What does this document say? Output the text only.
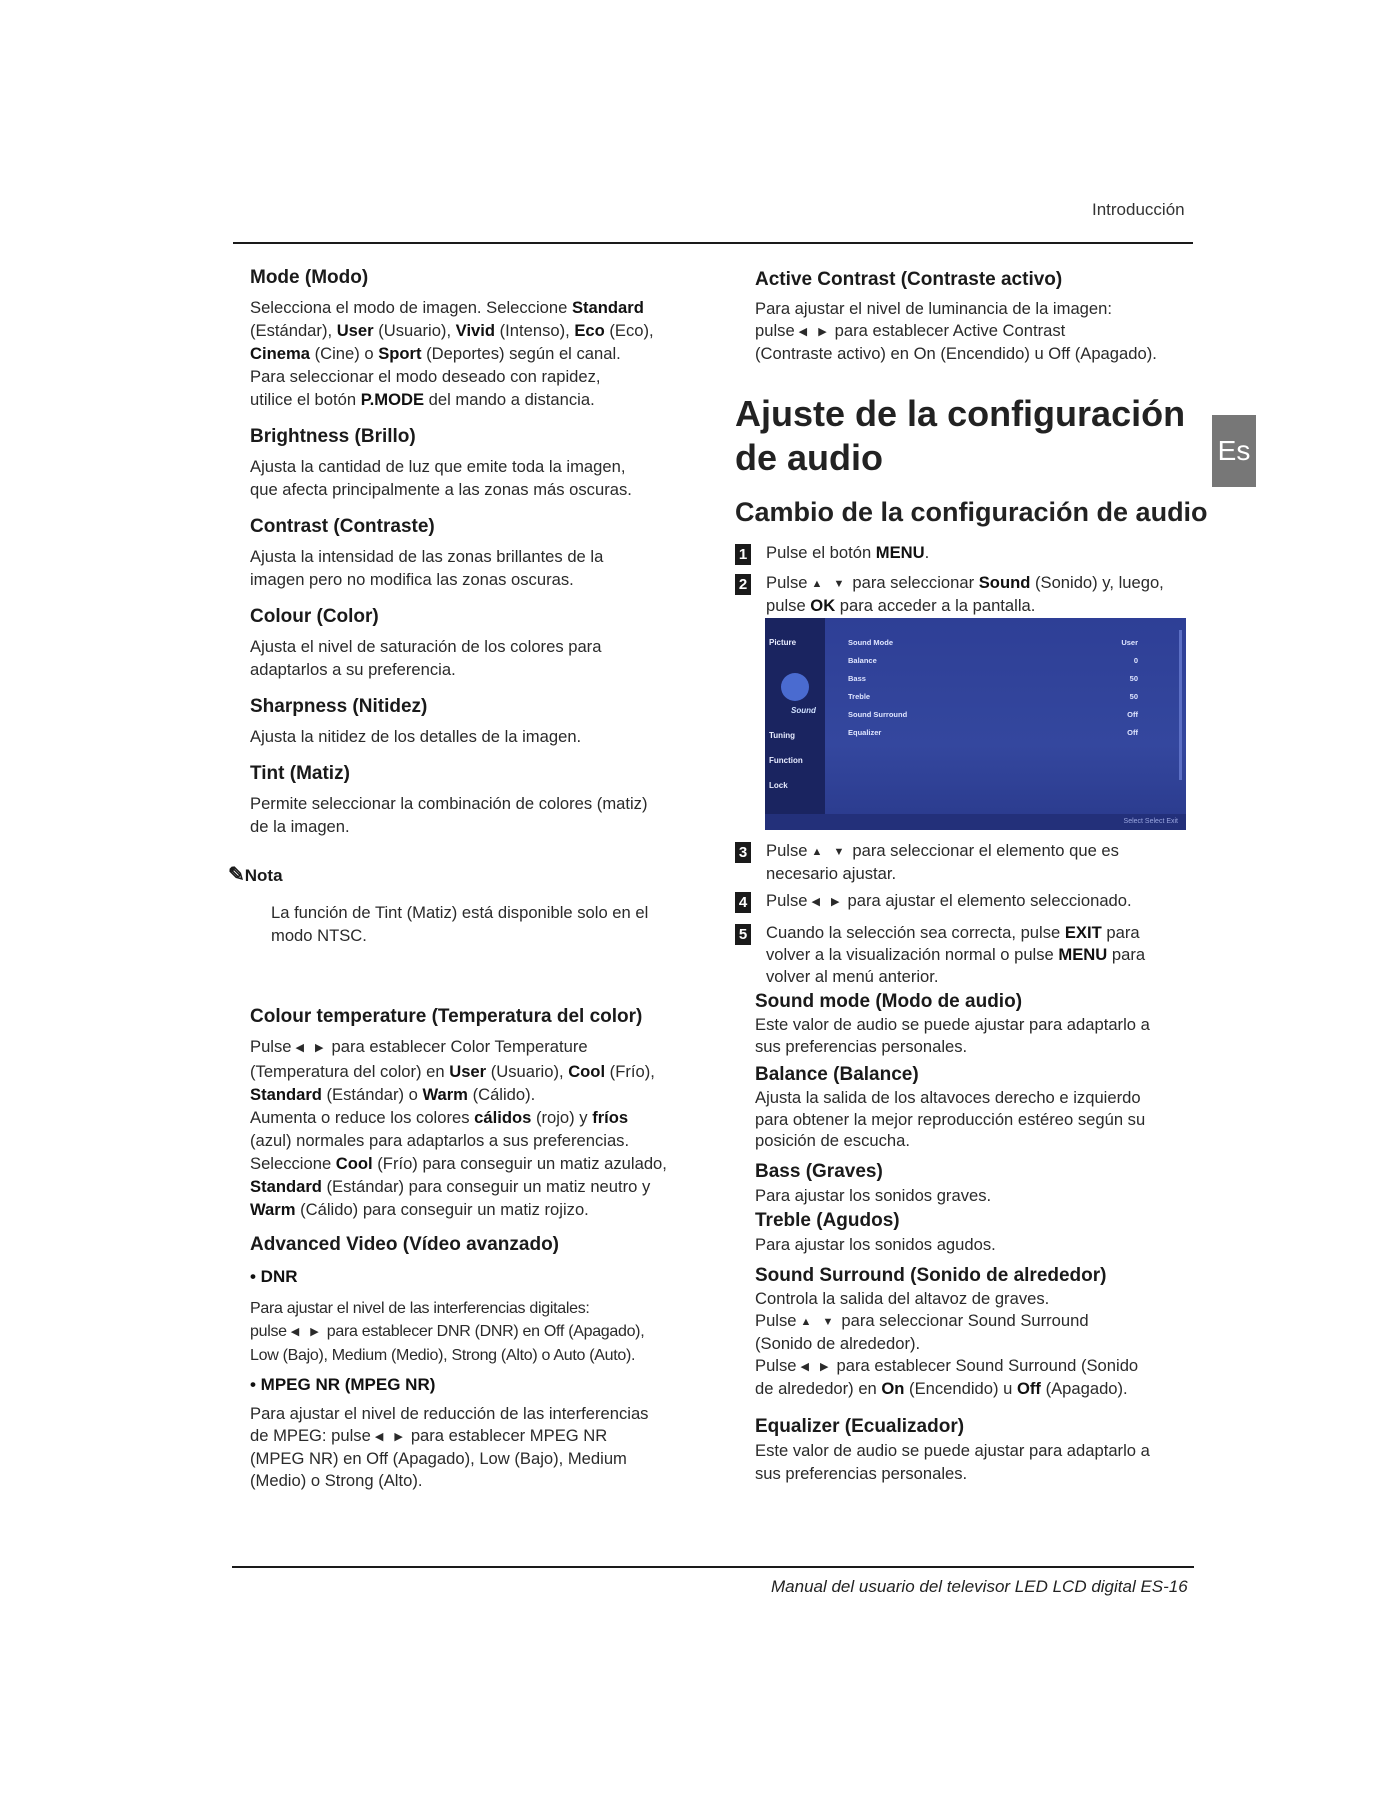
Introducción
Es
Mode (Modo)

Selecciona el modo de imagen. Seleccione Standard
(Estándar), User (Usuario), Vivid (Intenso), Eco (Eco),
Cinema (Cine) o Sport (Deportes) según el canal.
Para seleccionar el modo deseado con rapidez,
utilice el botón P.MODE del mando a distancia.

Brightness (Brillo)

Ajusta la cantidad de luz que emite toda la imagen,
que afecta principalmente a las zonas más oscuras.

Contrast (Contraste)

Ajusta la intensidad de las zonas brillantes de la
imagen pero no modifica las zonas oscuras.

Colour (Color)

Ajusta el nivel de saturación de los colores para
adaptarlos a su preferencia.

Sharpness (Nitidez)

Ajusta la nitidez de los detalles de la imagen.

Tint (Matiz)

Permite seleccionar la combinación de colores (matiz)
de la imagen.

✎Nota

La función de Tint (Matiz) está disponible solo en el
modo NTSC.

Colour temperature (Temperatura del color)

Pulse ◀ ▶ para establecer Color Temperature
(Temperatura del color) en User (Usuario), Cool (Frío),
Standard (Estándar) o Warm (Cálido).
Aumenta o reduce los colores cálidos (rojo) y fríos
(azul) normales para adaptarlos a sus preferencias.
Seleccione Cool (Frío) para conseguir un matiz azulado,
Standard (Estándar) para conseguir un matiz neutro y
Warm (Cálido) para conseguir un matiz rojizo.

Advanced Video (Vídeo avanzado)
• DNR

Para ajustar el nivel de las interferencias digitales:
pulse ◀ ▶ para establecer DNR (DNR) en Off (Apagado),
Low (Bajo), Medium (Medio), Strong (Alto) o Auto (Auto).

• MPEG NR (MPEG NR)

Para ajustar el nivel de reducción de las interferencias
de MPEG: pulse ◀ ▶ para establecer MPEG NR
(MPEG NR) en Off (Apagado), Low (Bajo), Medium
(Medio) o Strong (Alto).

Active Contrast (Contraste activo)

Para ajustar el nivel de luminancia de la imagen:
pulse ◀ ▶ para establecer Active Contrast
(Contraste activo) en On (Encendido) u Off (Apagado).

Ajuste de la configuración
de audio
Cambio de la configuración de audio
1 Pulse el botón MENU.
2 Pulse ▲ ▼ para seleccionar Sound (Sonido) y, luego,
pulse OK para acceder a la pantalla.
Picture
Sound
Tuning
Function
Lock
Sound Mode	User
Balance	0
Bass	50
Treble	50
Sound Surround	Off
Equalizer	Off
Select Select Exit
3 Pulse ▲ ▼ para seleccionar el elemento que es
necesario ajustar.
4 Pulse ◀ ▶ para ajustar el elemento seleccionado.
5 Cuando la selección sea correcta, pulse EXIT para
volver a la visualización normal o pulse MENU para
volver al menú anterior.
Sound mode (Modo de audio)

Este valor de audio se puede ajustar para adaptarlo a
sus preferencias personales.

Balance (Balance)

Ajusta la salida de los altavoces derecho e izquierdo
para obtener la mejor reproducción estéreo según su
posición de escucha.

Bass (Graves)

Para ajustar los sonidos graves.

Treble (Agudos)

Para ajustar los sonidos agudos.

Sound Surround (Sonido de alrededor)

Controla la salida del altavoz de graves.
Pulse ▲ ▼ para seleccionar Sound Surround
(Sonido de alrededor).
Pulse ◀ ▶ para establecer Sound Surround (Sonido
de alrededor) en On (Encendido) u Off (Apagado).

Equalizer (Ecualizador)

Este valor de audio se puede ajustar para adaptarlo a
sus preferencias personales.

Manual del usuario del televisor LED LCD digital ES-16
